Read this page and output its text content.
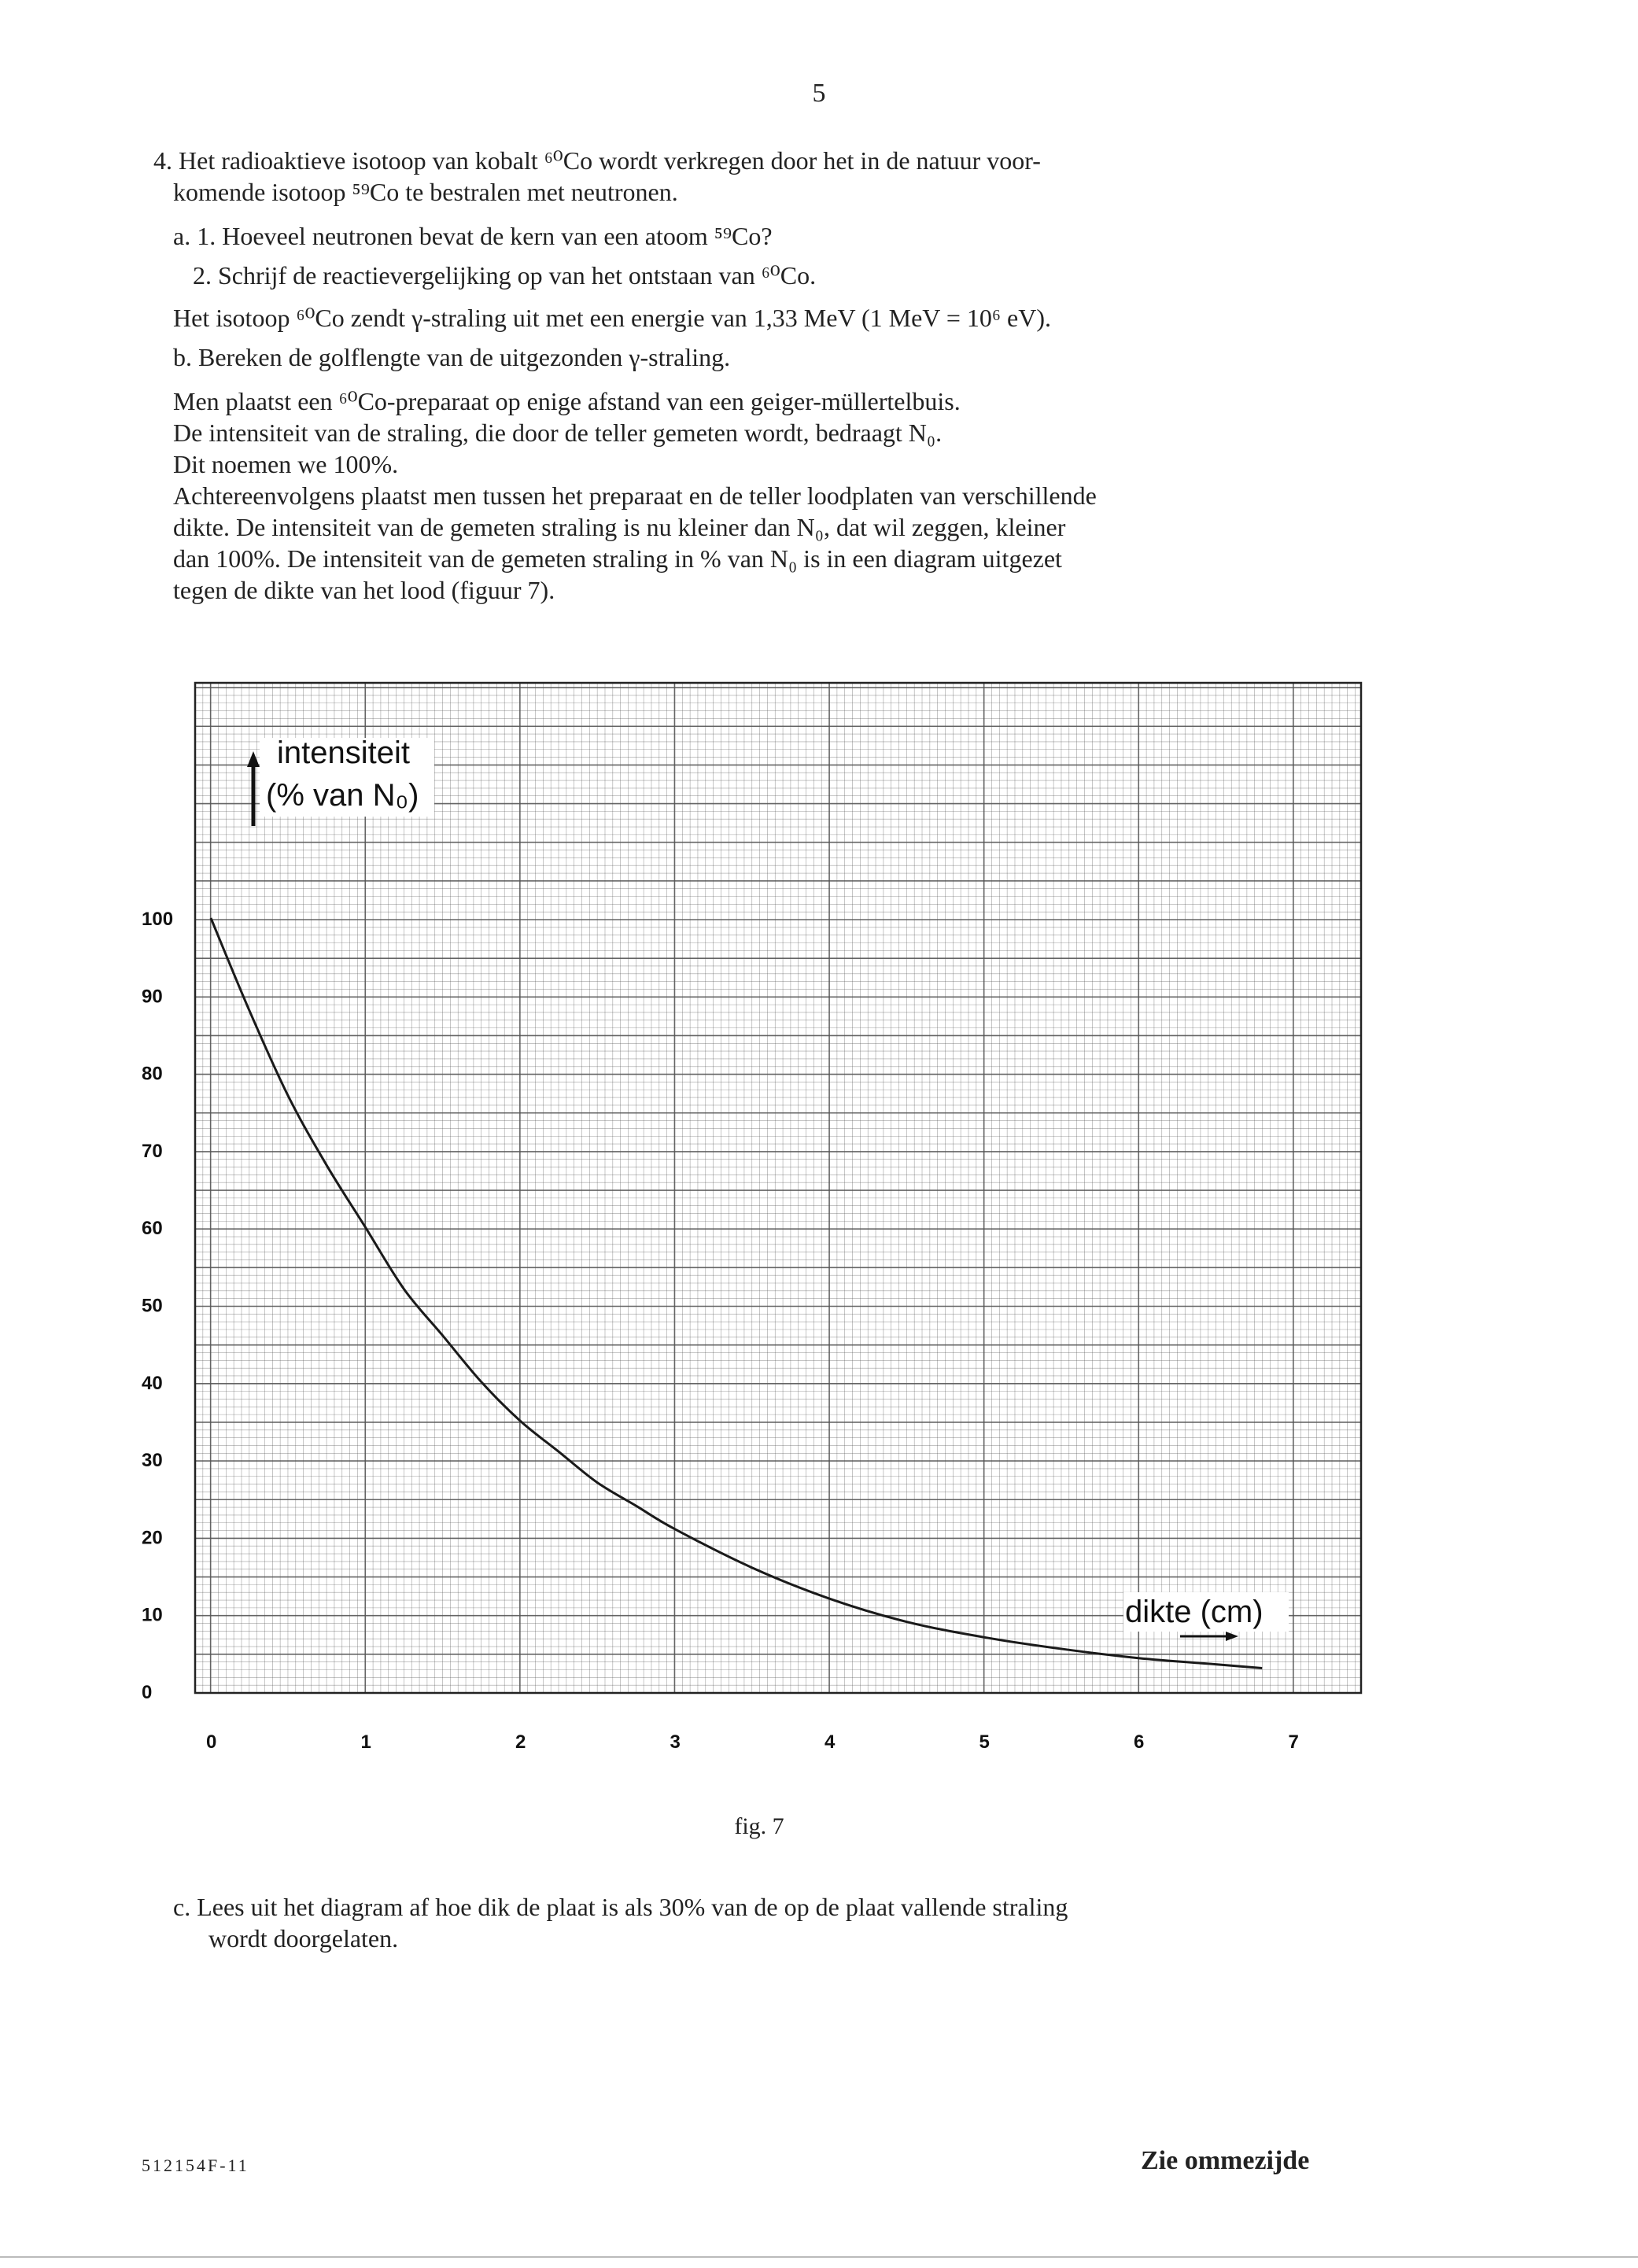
5
4. Het radioaktieve isotoop van kobalt ⁶⁰Co wordt verkregen door het in de natuur voor-
komende isotoop ⁵⁹Co te bestralen met neutronen.
a. 1. Hoeveel neutronen bevat de kern van een atoom ⁵⁹Co?
2. Schrijf de reactievergelijking op van het ontstaan van ⁶⁰Co.
Het isotoop ⁶⁰Co zendt γ-straling uit met een energie van 1,33 MeV (1 MeV = 10⁶ eV).
b. Bereken de golflengte van de uitgezonden γ-straling.
Men plaatst een ⁶⁰Co-preparaat op enige afstand van een geiger-müllertelbuis.
De intensiteit van de straling, die door de teller gemeten wordt, bedraagt N₀.
Dit noemen we 100%.
Achtereenvolgens plaatst men tussen het preparaat en de teller loodplaten van verschillende
dikte. De intensiteit van de gemeten straling is nu kleiner dan N₀, dat wil zeggen, kleiner
dan 100%. De intensiteit van de gemeten straling in % van N₀ is in een diagram uitgezet
tegen de dikte van het lood (figuur 7).
0
10
20
30
40
50
60
70
80
90
100
0	1	2	3	4	5	6	7
intensiteit
(% van N₀)
dikte (cm)
fig. 7
c. Lees uit het diagram af hoe dik de plaat is als 30% van de op de plaat vallende straling
wordt doorgelaten.
512154F-11	Zie ommezijde
